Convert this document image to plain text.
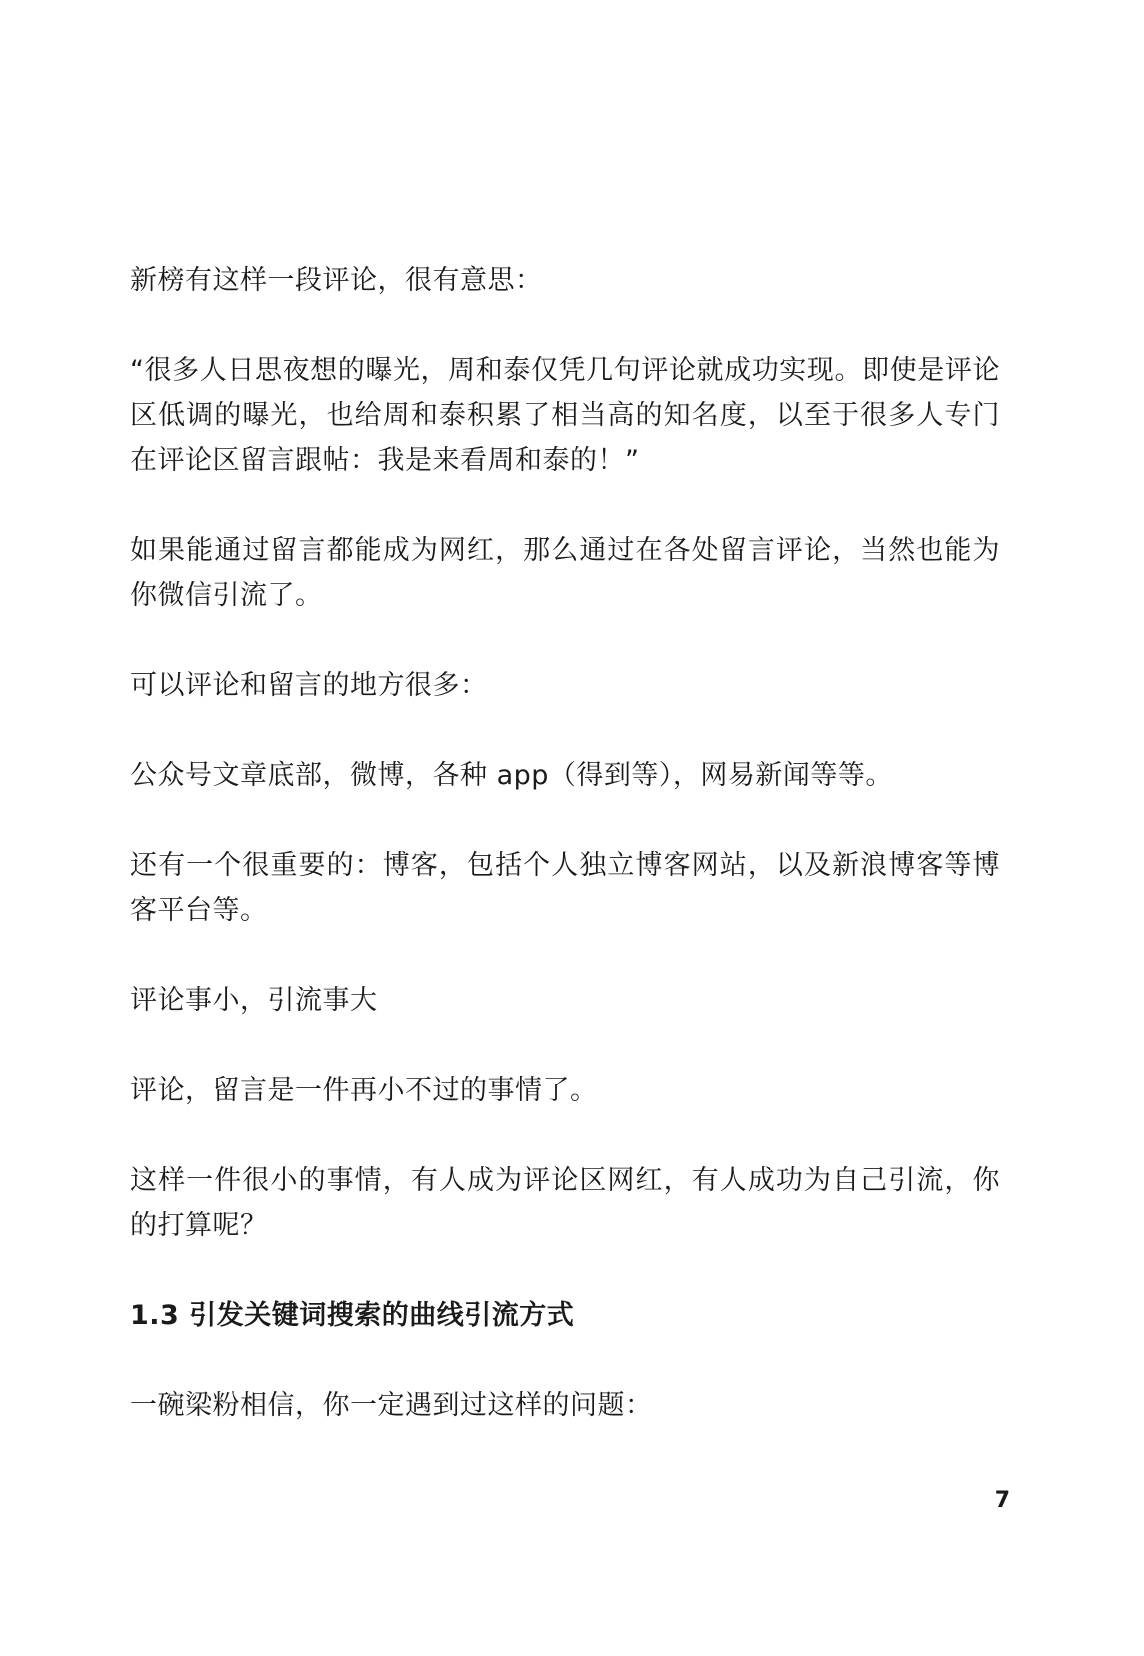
新榜有这样一段评论，很有意思：

“很多人日思夜想的曝光，周和泰仅凭几句评论就成功实现。即使是评论区低调的曝光，也给周和泰积累了相当高的知名度，以至于很多人专门在评论区留言跟帖：我是来看周和泰的！”

如果能通过留言都能成为网红，那么通过在各处留言评论，当然也能为你微信引流了。

可以评论和留言的地方很多：

公众号文章底部，微博，各种 app（得到等），网易新闻等等。

还有一个很重要的：博客，包括个人独立博客网站，以及新浪博客等博客平台等。

评论事小，引流事大

评论，留言是一件再小不过的事情了。

这样一件很小的事情，有人成为评论区网红，有人成功为自己引流，你的打算呢？

1.3 引发关键词搜索的曲线引流方式

一碗梁粉相信，你一定遇到过这样的问题：

7
